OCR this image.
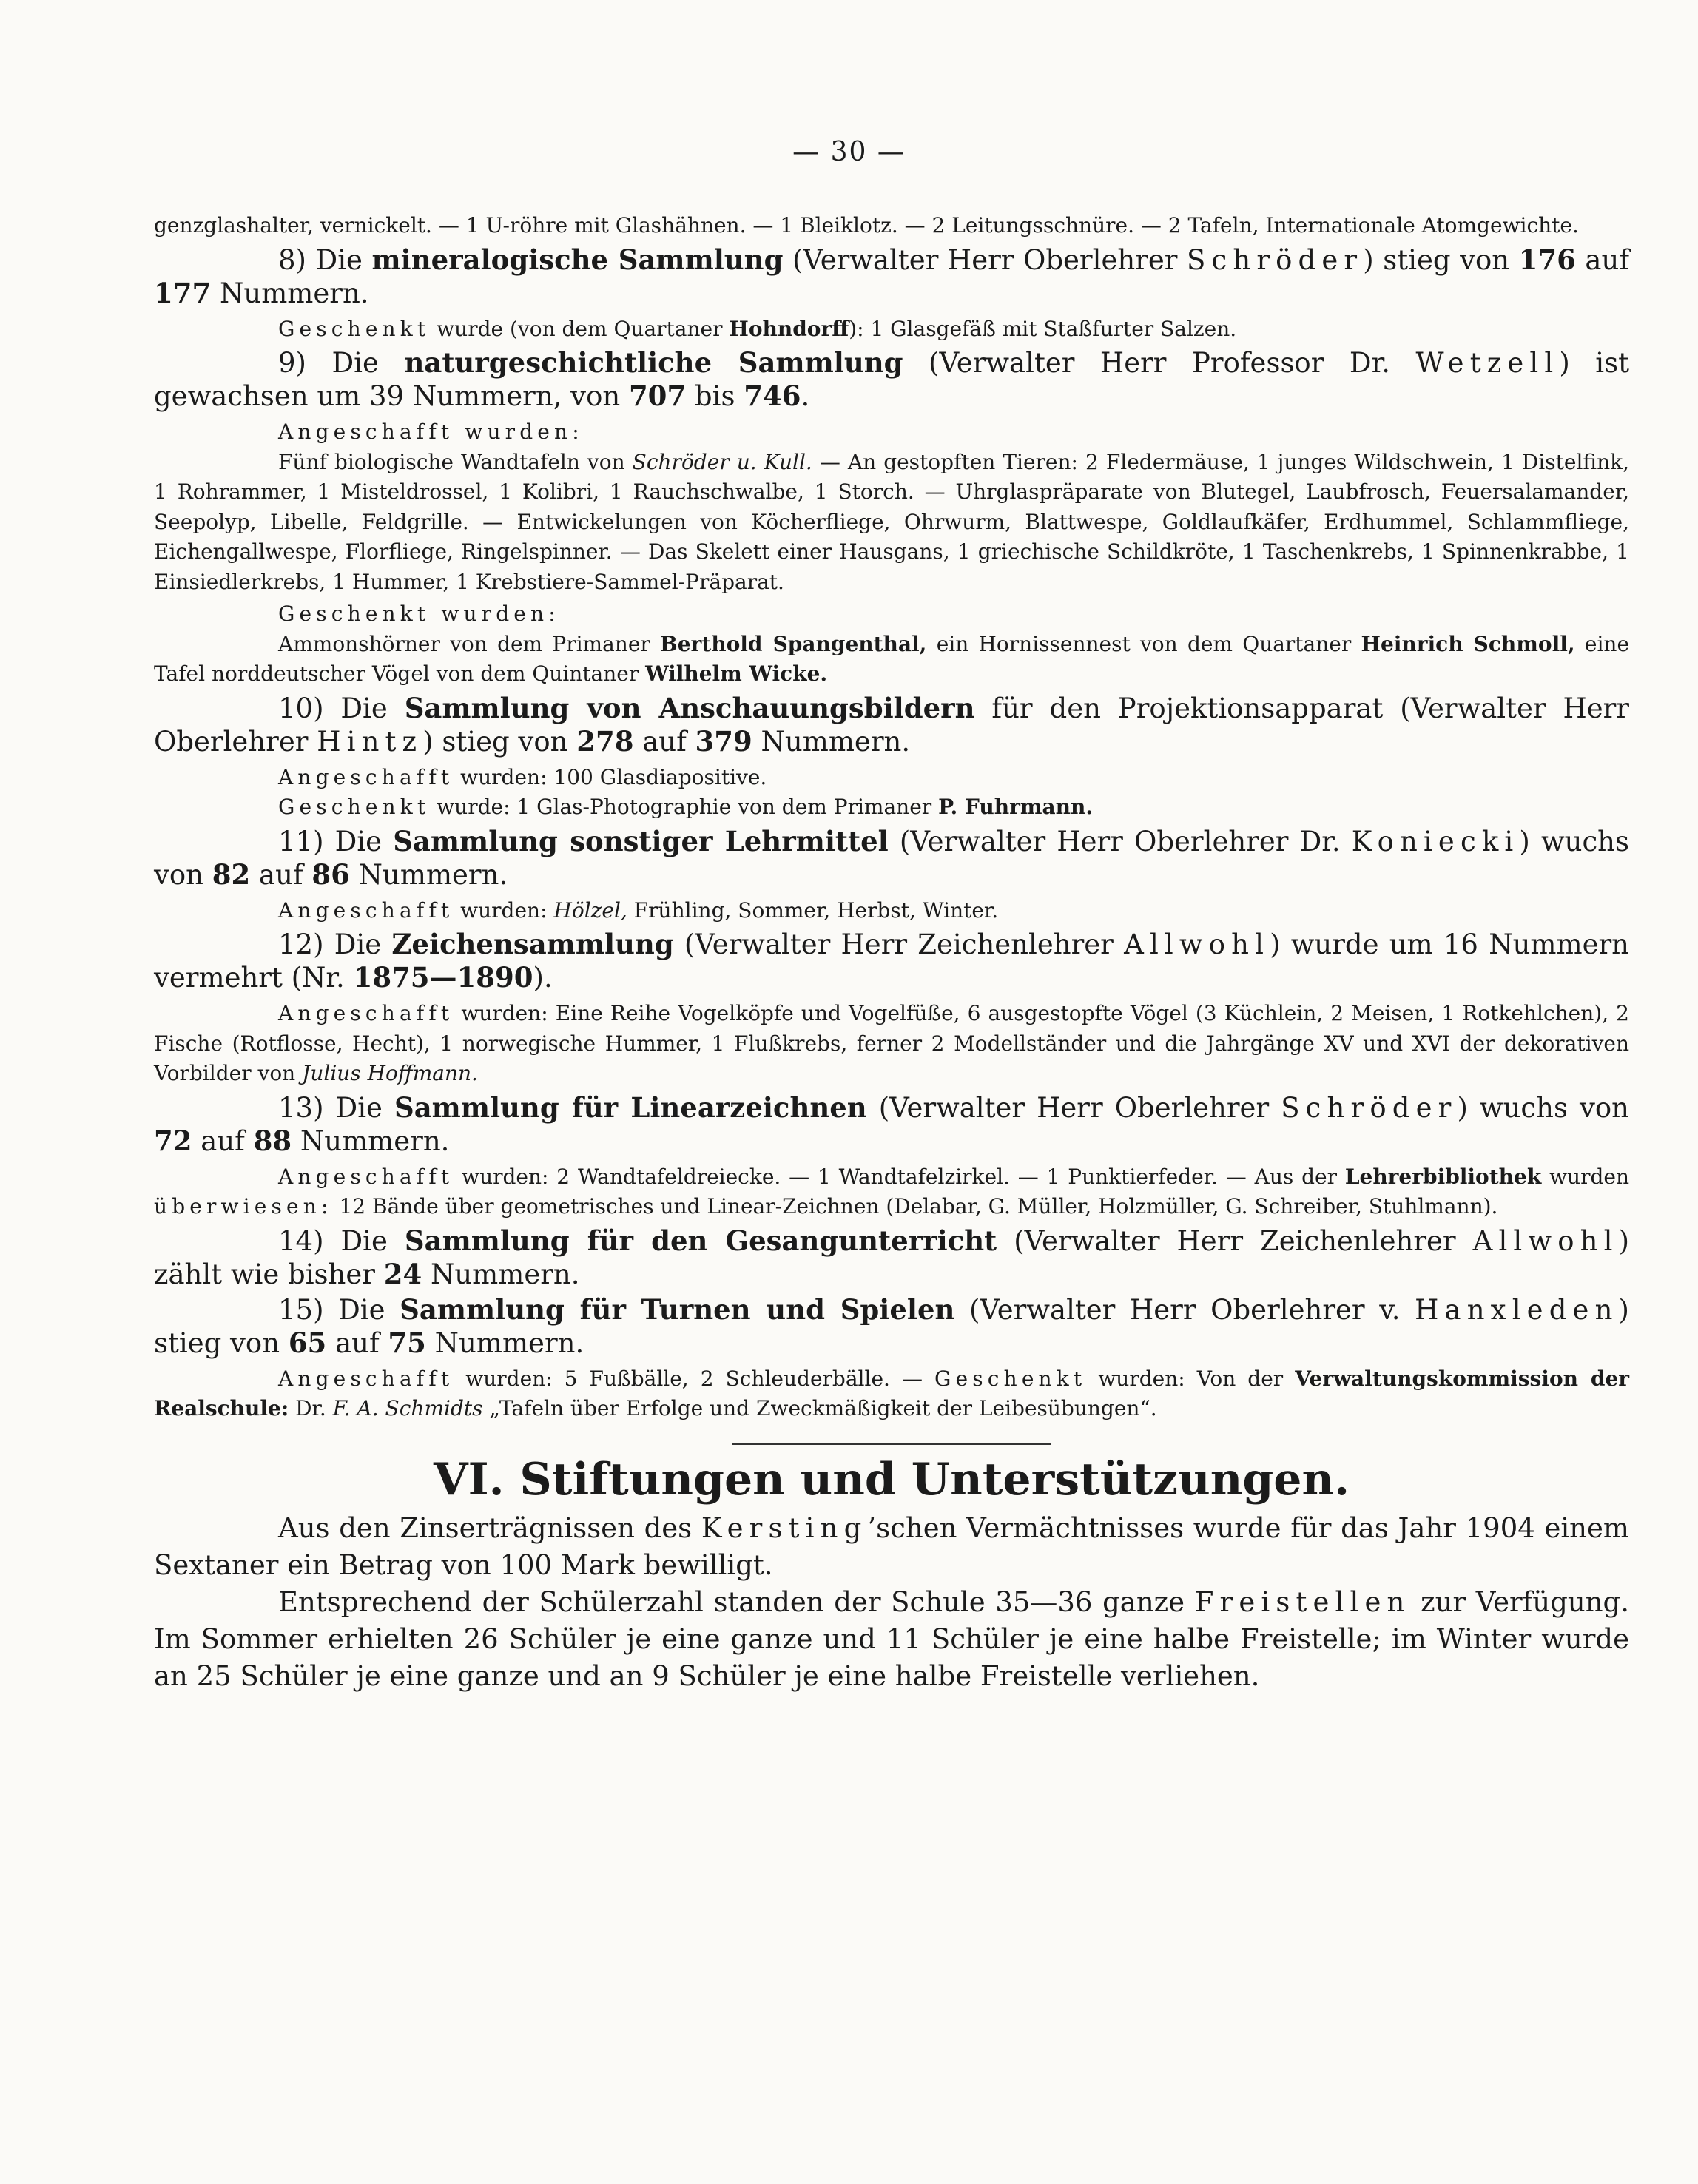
— 30 —

genzglashalter, vernickelt. — 1 U-röhre mit Glashähnen. — 1 Bleiklotz. — 2 Leitungsschnüre. — 2 Tafeln, Internationale Atomgewichte.

8) Die mineralogische Sammlung (Verwalter Herr Oberlehrer Schröder) stieg von 176 auf 177 Nummern.

Geschenkt wurde (von dem Quartaner Hohndorff): 1 Glasgefäß mit Staßfurter Salzen.

9) Die naturgeschichtliche Sammlung (Verwalter Herr Professor Dr. Wetzell) ist gewachsen um 39 Nummern, von 707 bis 746.

Angeschafft wurden:

Fünf biologische Wandtafeln von Schröder u. Kull. — An gestopften Tieren: 2 Fledermäuse, 1 junges Wildschwein, 1 Distelfink, 1 Rohrammer, 1 Misteldrossel, 1 Kolibri, 1 Rauchschwalbe, 1 Storch. — Uhrglaspräparate von Blutegel, Laubfrosch, Feuersalamander, Seepolyp, Libelle, Feldgrille. — Entwickelungen von Köcherfliege, Ohrwurm, Blattwespe, Goldlaufkäfer, Erdhummel, Schlammfliege, Eichengallwespe, Florfliege, Ringelspinner. — Das Skelett einer Hausgans, 1 griechische Schildkröte, 1 Taschenkrebs, 1 Spinnenkrabbe, 1 Einsiedlerkrebs, 1 Hummer, 1 Krebstiere-Sammel-Präparat.

Geschenkt wurden:

Ammonshörner von dem Primaner Berthold Spangenthal, ein Hornissennest von dem Quartaner Heinrich Schmoll, eine Tafel norddeutscher Vögel von dem Quintaner Wilhelm Wicke.

10) Die Sammlung von Anschauungsbildern für den Projektionsapparat (Verwalter Herr Oberlehrer Hintz) stieg von 278 auf 379 Nummern.

Angeschafft wurden: 100 Glasdiapositive.

Geschenkt wurde: 1 Glas-Photographie von dem Primaner P. Fuhrmann.

11) Die Sammlung sonstiger Lehrmittel (Verwalter Herr Oberlehrer Dr. Koniecki) wuchs von 82 auf 86 Nummern.

Angeschafft wurden: Hölzel, Frühling, Sommer, Herbst, Winter.

12) Die Zeichensammlung (Verwalter Herr Zeichenlehrer Allwohl) wurde um 16 Nummern vermehrt (Nr. 1875—1890).

Angeschafft wurden: Eine Reihe Vogelköpfe und Vogelfüße, 6 ausgestopfte Vögel (3 Küchlein, 2 Meisen, 1 Rotkehlchen), 2 Fische (Rotflosse, Hecht), 1 norwegische Hummer, 1 Flußkrebs, ferner 2 Modellständer und die Jahrgänge XV und XVI der dekorativen Vorbilder von Julius Hoffmann.

13) Die Sammlung für Linearzeichnen (Verwalter Herr Oberlehrer Schröder) wuchs von 72 auf 88 Nummern.

Angeschafft wurden: 2 Wandtafeldreiecke. — 1 Wandtafelzirkel. — 1 Punktierfeder. — Aus der Lehrerbibliothek wurden überwiesen: 12 Bände über geometrisches und Linear-Zeichnen (Delabar, G. Müller, Holzmüller, G. Schreiber, Stuhlmann).

14) Die Sammlung für den Gesangunterricht (Verwalter Herr Zeichenlehrer Allwohl) zählt wie bisher 24 Nummern.

15) Die Sammlung für Turnen und Spielen (Verwalter Herr Oberlehrer v. Hanxleden) stieg von 65 auf 75 Nummern.

Angeschafft wurden: 5 Fußbälle, 2 Schleuderbälle. — Geschenkt wurden: Von der Verwaltungskommission der Realschule: Dr. F. A. Schmidts „Tafeln über Erfolge und Zweckmäßigkeit der Leibesübungen“.

VI. Stiftungen und Unterstützungen.

Aus den Zinserträgnissen des Kersting’schen Vermächtnisses wurde für das Jahr 1904 einem Sextaner ein Betrag von 100 Mark bewilligt.

Entsprechend der Schülerzahl standen der Schule 35—36 ganze Freistellen zur Verfügung. Im Sommer erhielten 26 Schüler je eine ganze und 11 Schüler je eine halbe Freistelle; im Winter wurde an 25 Schüler je eine ganze und an 9 Schüler je eine halbe Freistelle verliehen.
